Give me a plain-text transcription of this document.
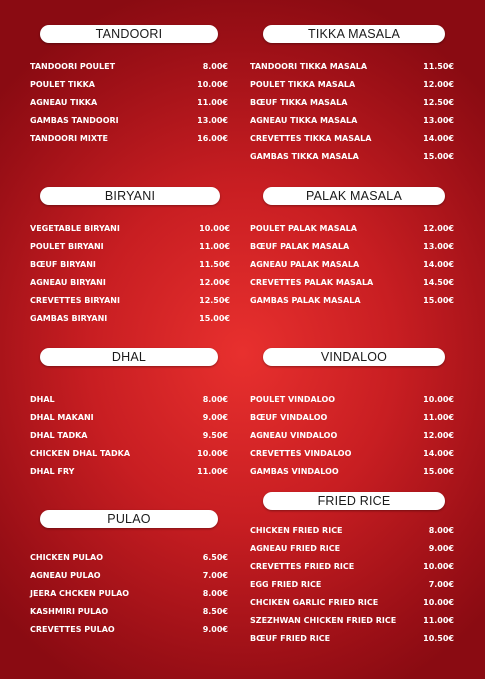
TANDOORI
TANDOORI POULET	8.00€
POULET TIKKA	10.00€
AGNEAU TIKKA	11.00€
GAMBAS TANDOORI	13.00€
TANDOORI MIXTE	16.00€
TIKKA MASALA
TANDOORI TIKKA MASALA	11.50€
POULET TIKKA MASALA	12.00€
BŒUF TIKKA MASALA	12.50€
AGNEAU TIKKA MASALA	13.00€
CREVETTES TIKKA MASALA	14.00€
GAMBAS TIKKA MASALA	15.00€
BIRYANI
VEGETABLE BIRYANI	10.00€
POULET BIRYANI	11.00€
BŒUF BIRYANI	11.50€
AGNEAU BIRYANI	12.00€
CREVETTES BIRYANI	12.50€
GAMBAS BIRYANI	15.00€
PALAK MASALA
POULET PALAK MASALA	12.00€
BŒUF PALAK MASALA	13.00€
AGNEAU PALAK MASALA	14.00€
CREVETTES PALAK MASALA	14.50€
GAMBAS PALAK MASALA	15.00€
DHAL
DHAL	8.00€
DHAL MAKANI	9.00€
DHAL TADKA	9.50€
CHICKEN DHAL TADKA	10.00€
DHAL FRY	11.00€
VINDALOO
POULET VINDALOO	10.00€
BŒUF VINDALOO	11.00€
AGNEAU VINDALOO	12.00€
CREVETTES VINDALOO	14.00€
GAMBAS VINDALOO	15.00€
PULAO
CHICKEN PULAO	6.50€
AGNEAU PULAO	7.00€
JEERA CHCKEN PULAO	8.00€
KASHMIRI PULAO	8.50€
CREVETTES PULAO	9.00€
FRIED RICE
CHICKEN FRIED RICE	8.00€
AGNEAU FRIED RICE	9.00€
CREVETTES FRIED RICE	10.00€
EGG FRIED RICE	7.00€
CHCIKEN GARLIC FRIED RICE	10.00€
SZEZHWAN CHICKEN FRIED RICE	11.00€
BŒUF FRIED RICE	10.50€
